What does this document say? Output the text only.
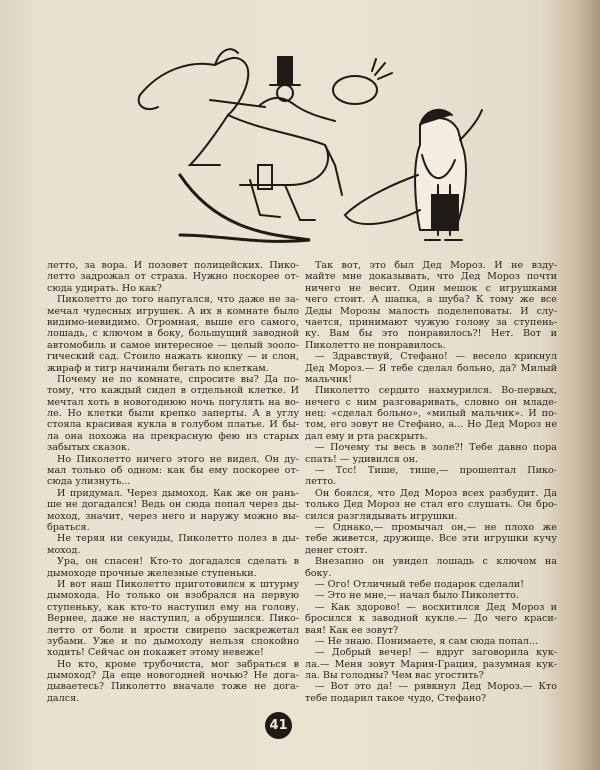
летто, за вора. И позовет полицейских. Пико-
летто задрожал от страха. Нужно поскорее от-
сюда удирать. Но как?
Пиколетто до того напугался, что даже не за-
мечал чудесных игрушек. А их в комнате было
видимо-невидимо. Огромная, выше его самого,
лошадь, с ключом в боку, большущий заводной
автомобиль и самое интересное — целый зооло-
гический сад. Стоило нажать кнопку — и слон,
жираф и тигр начинали бегать по клеткам.
Почему не по комнате, спросите вы? Да по-
тому, что каждый сидел в отдельной клетке. И
мечтал хоть в новогоднюю ночь погулять на во-
ле. Но клетки были крепко заперты. А в углу
стояла красивая кукла в голубом платье. И бы-
ла она похожа на прекрасную фею из старых
забытых сказок.
Но Пиколетто ничего этого не видел. Он ду-
мал только об одном: как бы ему поскорее от-
сюда улизнуть...
И придумал. Через дымоход. Как же он рань-
ше не догадался! Ведь он сюда попал через ды-
моход, значит, через него и наружу можно вы-
браться.
Не теряя ни секунды, Пиколетто полез в ды-
моход.
Ура, он спасен! Кто-то догадался сделать в
дымоходе прочные железные ступеньки.
И вот наш Пиколетто приготовился к штурму
дымохода. Но только он взобрался на первую
ступеньку, как кто-то наступил ему на голову.
Вернее, даже не наступил, а обрушился. Пико-
летто от боли и ярости свирепо заскрежетал
зубами. Уже и по дымоходу нельзя спокойно
ходить! Сейчас он покажет этому невеже!
Но кто, кроме трубочиста, мог забраться в
дымоход? Да еще новогодней ночью? Не дога-
дываетесь? Пиколетто вначале тоже не дога-
дался.
Так вот, это был Дед Мороз. И не взду-
майте мне доказывать, что Дед Мороз почти
ничего не весит. Один мешок с игрушками
чего стоит. А шапка, а шуба? К тому же все
Деды Морозы малость поделеповаты. И слу-
чается, принимают чужую голову за ступень-
ку. Вам бы это понравилось?! Нет. Вот и
Пиколетто не понравилось.
— Здравствуй, Стефано! — весело крикнул
Дед Мороз.— Я тебе сделал больно, да? Милый
мальчик!
Пиколетто сердито нахмурился. Во-первых,
нечего с ним разговаривать, словно он младе-
нец: «сделал больно», «милый мальчик». И по-
том, его зовут не Стефано, а... Но Дед Мороз не
дал ему и рта раскрыть.
— Почему ты весь в золе?! Тебе давно пора
спать! — удивился он.
— Тсс! Тише, тише,— прошептал Пико-
летто.
Он боялся, что Дед Мороз всех разбудит. Да
только Дед Мороз не стал его слушать. Он бро-
сился разглядывать игрушки.
— Однако,— промычал он,— не плохо же
тебе живется, дружище. Все эти игрушки кучу
денег стоят.
Внезапно он увидел лошадь с ключом на
боку.
— Ого! Отличный тебе подарок сделали!
— Это не мне,— начал было Пиколетто.
— Как здорово! — восхитился Дед Мороз и
бросился к заводной кукле.— До чего краси-
вая! Как ее зовут?
— Не знаю. Понимаете, я сам сюда попал...
— Добрый вечер! — вдруг заговорила кук-
ла.— Меня зовут Мария-Грация, разумная кук-
ла. Вы голодны? Чем вас угостить?
— Вот это да! — рявкнул Дед Мороз.— Кто
тебе подарил такое чудо, Стефано?
41
